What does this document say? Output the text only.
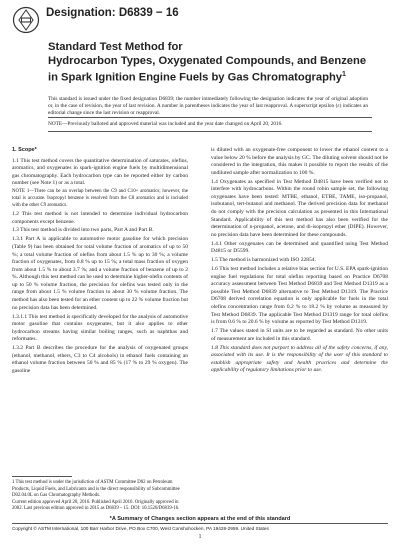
Designation: D6839 − 16
Standard Test Method for
Hydrocarbon Types, Oxygenated Compounds, and Benzene
in Spark Ignition Engine Fuels by Gas Chromatography$^1$
This standard is issued under the fixed designation D6839; the number immediately following the designation indicates the year of original adoption or, in the case of revision, the year of last revision. A number in parentheses indicates the year of last reapproval. A superscript epsilon (ε) indicates an editorial change since the last revision or reapproval.
NOTE—Previously balloted and approved material was included and the year date changed on April 20, 2016.

1. Scope*

1.1 This test method covers the quantitative determination of saturates, olefins, aromatics, and oxygenates in spark-ignition engine fuels by multidimensional gas chromatography. Each hydrocarbon type can be reported either by carbon number (see Note 1) or as a total.

NOTE 1—There can be an overlap between the C9 and C10+ aromatics; however, the total is accurate. Isopropyl benzene is resolved from the C8 aromatics and is included with the other C9 aromatics.

1.2 This test method is not intended to determine individual hydrocarbon components except benzene.

1.3 This test method is divided into two parts, Part A and Part B.

1.3.1 Part A is applicable to automotive motor gasoline for which precision (Table 9) has been obtained for total volume fraction of aromatics of up to 50 %; a total volume fraction of olefins from about 1.5 % up to 30 %; a volume fraction of oxygenates, from 0.8 % up to 15 %; a total mass fraction of oxygen from about 1.5 % to about 3.7 %; and a volume fraction of benzene of up to 2 %. Although this test method can be used to determine higher-olefin contents of up to 50 % volume fraction, the precision for olefins was tested only in the range from about 1.5 % volume fraction to about 30 % volume fraction. The method has also been tested for an ether content up to 22 % volume fraction but no precision data has been determined.

1.3.1.1 This test method is specifically developed for the analysis of automotive motor gasoline that contains oxygenates, but it also applies to other hydrocarbon streams having similar boiling ranges, such as naphthas and reformates.

1.3.2 Part B describes the procedure for the analysis of oxygenated groups (ethanol, methanol, ethers, C3 to C4 alcohols) in ethanol fuels containing an ethanol volume fraction between 50 % and 85 % (17 % to 29 % oxygen). The gasoline

is diluted with an oxygenate-free component to lower the ethanol content to a value below 20 % before the analysis by GC. The diluting solvent should not be considered in the integration, this makes it possible to report the results of the undiluted sample after normalization to 100 %.

1.4 Oxygenates as specified in Test Method D4815 have been verified not to interfere with hydrocarbons. Within the round robin sample set, the following oxygenates have been tested: MTBE, ethanol, ETBE, TAME, iso-propanol, isobutanol, tert-butanol and methanol. The derived precision data for methanol do not comply with the precision calculation as presented in this International Standard. Applicability of this test method has also been verified for the determination of n-propanol, acetone, and di-isopropyl ether (DIPE). However, no precision data have been determined for these compounds.

1.4.1 Other oxygenates can be determined and quantified using Test Method D4815 or D5599.

1.5 The method is harmonized with ISO 22854.

1.6 This test method includes a relative bias section for U.S. EPA spark-ignition engine fuel regulations for total olefins reporting based on Practice D6708 accuracy assessment between Test Method D6839 and Test Method D1319 as a possible Test Method D6839 alternative to Test Method D1319. The Practice D6708 derived correlation equation is only applicable for fuels in the total olefins concentration range from 0.2 % to 18.2 % by volume as measured by Test Method D6839. The applicable Test Method D1319 range for total olefins is from 0.6 % to 20.6 % by volume as reported by Test Method D1319.

1.7 The values stated in SI units are to be regarded as standard. No other units of measurement are included in this standard.

1.8 This standard does not purport to address all of the safety concerns, if any, associated with its use. It is the responsibility of the user of this standard to establish appropriate safety and health practices and determine the applicability of regulatory limitations prior to use.

1 This test method is under the jurisdiction of ASTM Committee D02 on Petroleum Products, Liquid Fuels, and Lubricants and is the direct responsibility of Subcommittee D02.04.0L on Gas Chromatography Methods.

Current edition approved April 20, 2016. Published April 2016. Originally approved in 2002. Last previous edition approved in 2015 as D6839 – 15. DOI: 10.1520/D6839-16.

*A Summary of Changes section appears at the end of this standard
Copyright © ASTM International, 100 Barr Harbor Drive, PO Box C700, West Conshohocken, PA 19428-2959. United States
1
